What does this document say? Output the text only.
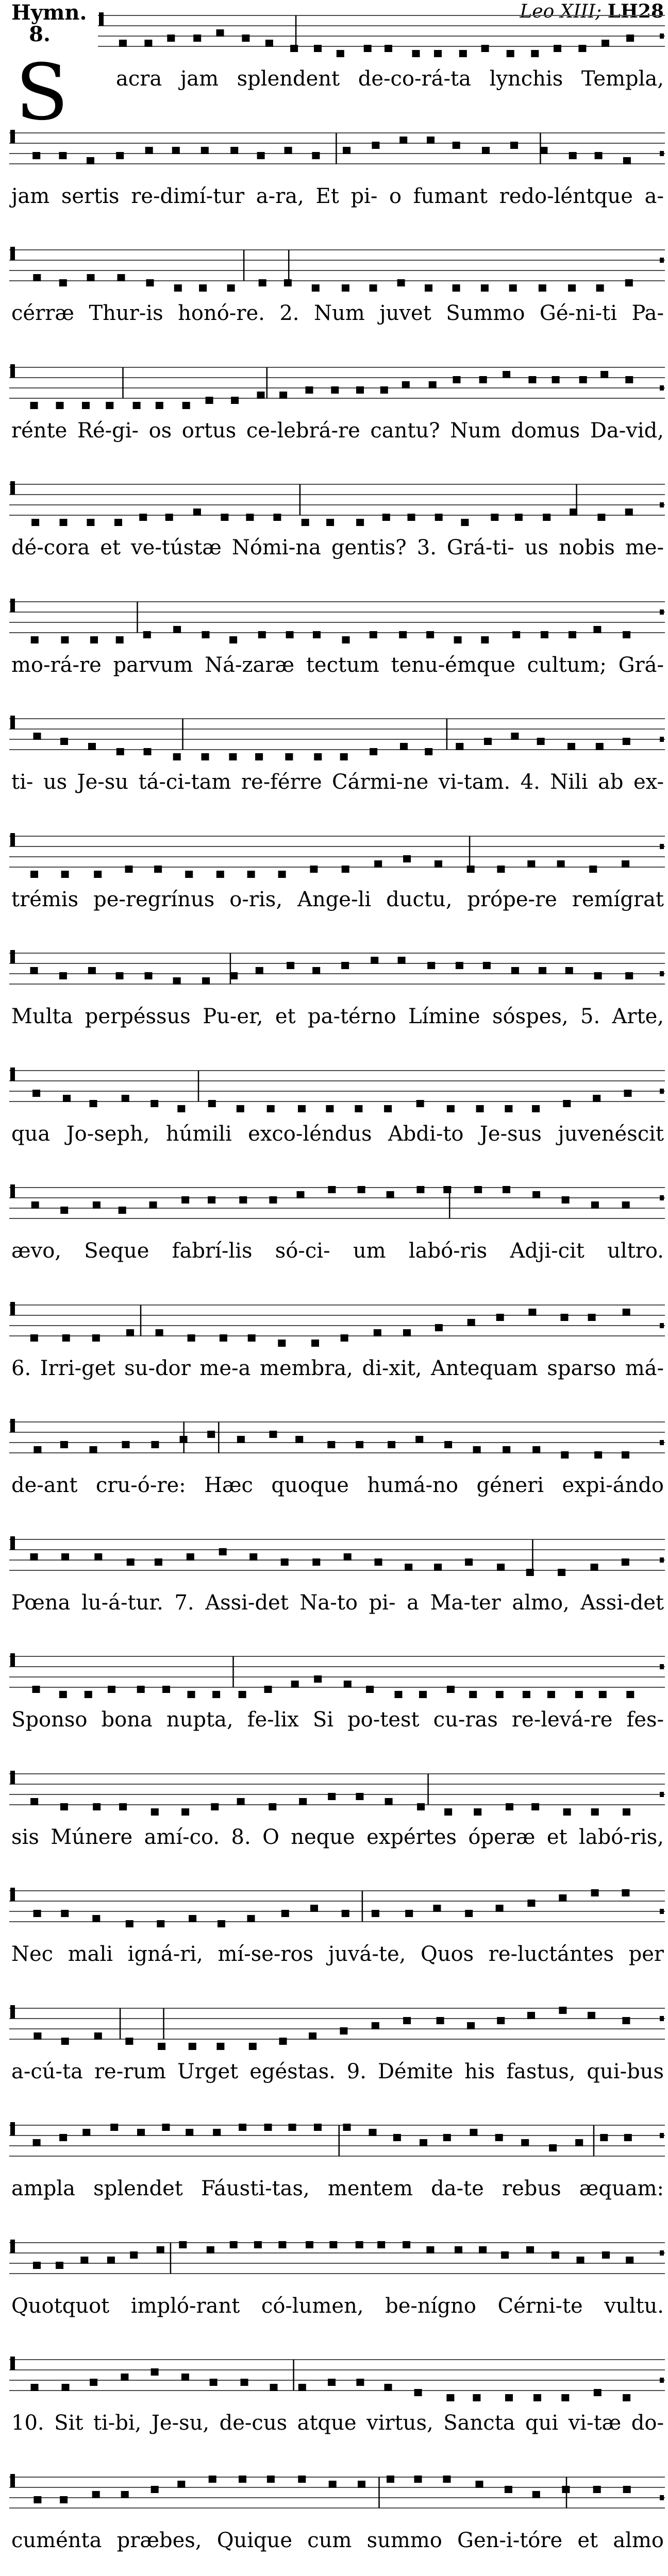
Hymn. 8.
Leo XIII; LH28
S acra jam splendent de-co-rá-ta lynchis Templa,
jam sertis re-dimí-tur a-ra, Et pi- o fumant redo-léntque a-
cérræ Thur-is honó-re. 2. Num juvet Summo Gé-ni-ti Pa-
rénte Ré-gi- os ortus ce-lebrá-re cantu? Num domus Da-vid,
dé-cora et ve-tústæ Nómi-na gentis? 3. Grá-ti- us nobis me-
mo-rá-re parvum Ná-zaræ tectum tenu-émque cultum; Grá-
ti- us Je-su tá-ci-tam re-férre Cármi-ne vi-tam. 4. Nili ab ex-
trémis pe-regrínus o-ris, Ange-li ductu, própe-re remígrat
Multa perpéssus Pu-er, et pa-térno Límine sóspes, 5. Arte,
qua Jo-seph, húmili exco-léndus Abdi-to Je-sus juvenéscit
ævo, Seque fabrí-lis só-ci- um labó-ris Adji-cit ultro.
6. Irri-get su-dor me-a membra, di-xit, Antequam sparso má-
de-ant cru-ó-re: Hæc quoque humá-no géneri expi-ándo
Pœna lu-á-tur. 7. Assi-det Na-to pi- a Ma-ter almo, Assi-det
Sponso bona nupta, fe-lix Si po-test cu-ras re-levá-re fes-
sis Múnere amí-co. 8. O neque expértes óperæ et labó-ris,
Nec mali igná-ri, mí-se-ros juvá-te, Quos re-luctántes per
a-cú-ta re-rum Urget egéstas. 9. Démite his fastus, qui-bus
ampla splendet Fáusti-tas, mentem da-te rebus æquam:
Quotquot impló-rant có-lumen, be-nígno Cérni-te vultu.
10. Sit ti-bi, Je-su, de-cus atque virtus, Sancta qui vi-tæ do-
cuménta præbes, Quique cum summo Gen-i-tóre et almo
